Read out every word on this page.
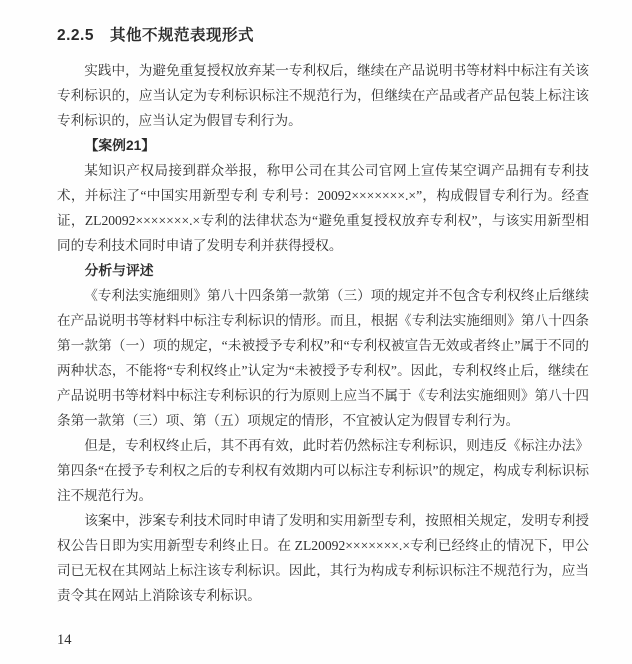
2.2.5　其他不规范表现形式

实践中，为避免重复授权放弃某一专利权后，继续在产品说明书等材料中标注有关该专利标识的，应当认定为专利标识标注不规范行为，但继续在产品或者产品包装上标注该专利标识的，应当认定为假冒专利行为。

【案例21】

某知识产权局接到群众举报，称甲公司在其公司官网上宣传某空调产品拥有专利技术，并标注了“中国实用新型专利 专利号：20092×××××××.×”，构成假冒专利行为。经查证，ZL20092×××××××.×专利的法律状态为“避免重复授权放弃专利权”，与该实用新型相同的专利技术同时申请了发明专利并获得授权。

分析与评述

《专利法实施细则》第八十四条第一款第（三）项的规定并不包含专利权终止后继续在产品说明书等材料中标注专利标识的情形。而且，根据《专利法实施细则》第八十四条第一款第（一）项的规定，“未被授予专利权”和“专利权被宣告无效或者终止”属于不同的两种状态，不能将“专利权终止”认定为“未被授予专利权”。因此，专利权终止后，继续在产品说明书等材料中标注专利标识的行为原则上应当不属于《专利法实施细则》第八十四条第一款第（三）项、第（五）项规定的情形，不宜被认定为假冒专利行为。

但是，专利权终止后，其不再有效，此时若仍然标注专利标识，则违反《标注办法》第四条“在授予专利权之后的专利权有效期内可以标注专利标识”的规定，构成专利标识标注不规范行为。

该案中，涉案专利技术同时申请了发明和实用新型专利，按照相关规定，发明专利授权公告日即为实用新型专利终止日。在 ZL20092×××××××.×专利已经终止的情况下，甲公司已无权在其网站上标注该专利标识。因此，其行为构成专利标识标注不规范行为，应当责令其在网站上消除该专利标识。

14
